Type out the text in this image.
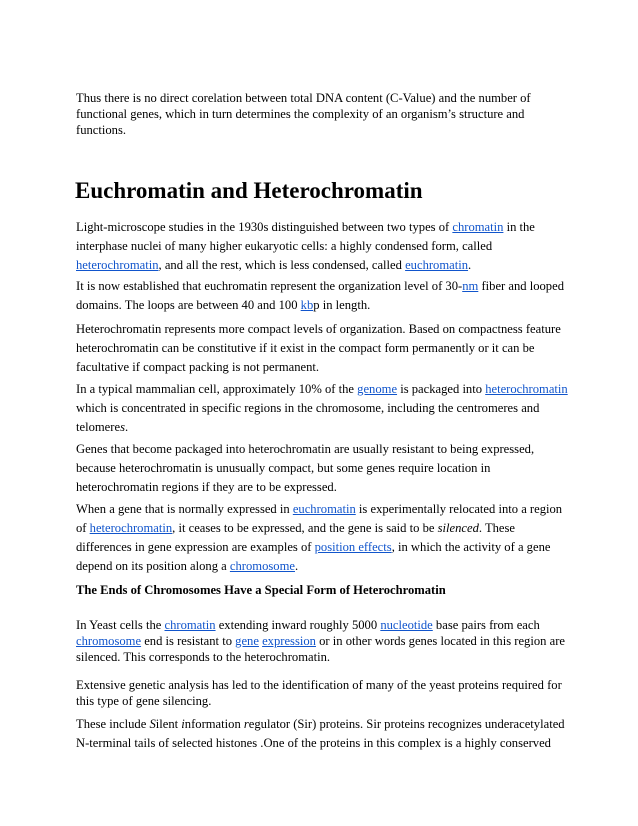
Thus there is no direct corelation between total DNA content (C-Value) and the number of functional genes, which in turn determines the complexity of an organism’s structure and functions.

Euchromatin and Heterochromatin

Light-microscope studies in the 1930s distinguished between two types of chromatin in the interphase nuclei of many higher eukaryotic cells: a highly condensed form, called heterochromatin, and all the rest, which is less condensed, called euchromatin.

It is now established that euchromatin represent the organization level of 30-nm fiber and looped domains. The loops are between 40 and 100 kbp in length.

Heterochromatin represents more compact levels of organization. Based on compactness feature heterochromatin can be constitutive if it exist in the compact form permanently or it can be facultative if compact packing is not permanent.

In a typical mammalian cell, approximately 10% of the genome is packaged into heterochromatin which is concentrated in specific regions in the chromosome, including the centromeres and telomeres.

Genes that become packaged into heterochromatin are usually resistant to being expressed, because heterochromatin is unusually compact, but some genes require location in heterochromatin regions if they are to be expressed.

When a gene that is normally expressed in euchromatin is experimentally relocated into a region of heterochromatin, it ceases to be expressed, and the gene is said to be silenced. These differences in gene expression are examples of position effects, in which the activity of a gene depend on its position along a chromosome.

The Ends of Chromosomes Have a Special Form of Heterochromatin

In Yeast cells the chromatin extending inward roughly 5000 nucleotide base pairs from each chromosome end is resistant to gene expression or in other words genes located in this region are silenced. This corresponds to the heterochromatin.

Extensive genetic analysis has led to the identification of many of the yeast proteins required for this type of gene silencing.

These include Silent information regulator (Sir) proteins. Sir proteins recognizes underacetylated N-terminal tails of selected histones .One of the proteins in this complex is a highly conserved
